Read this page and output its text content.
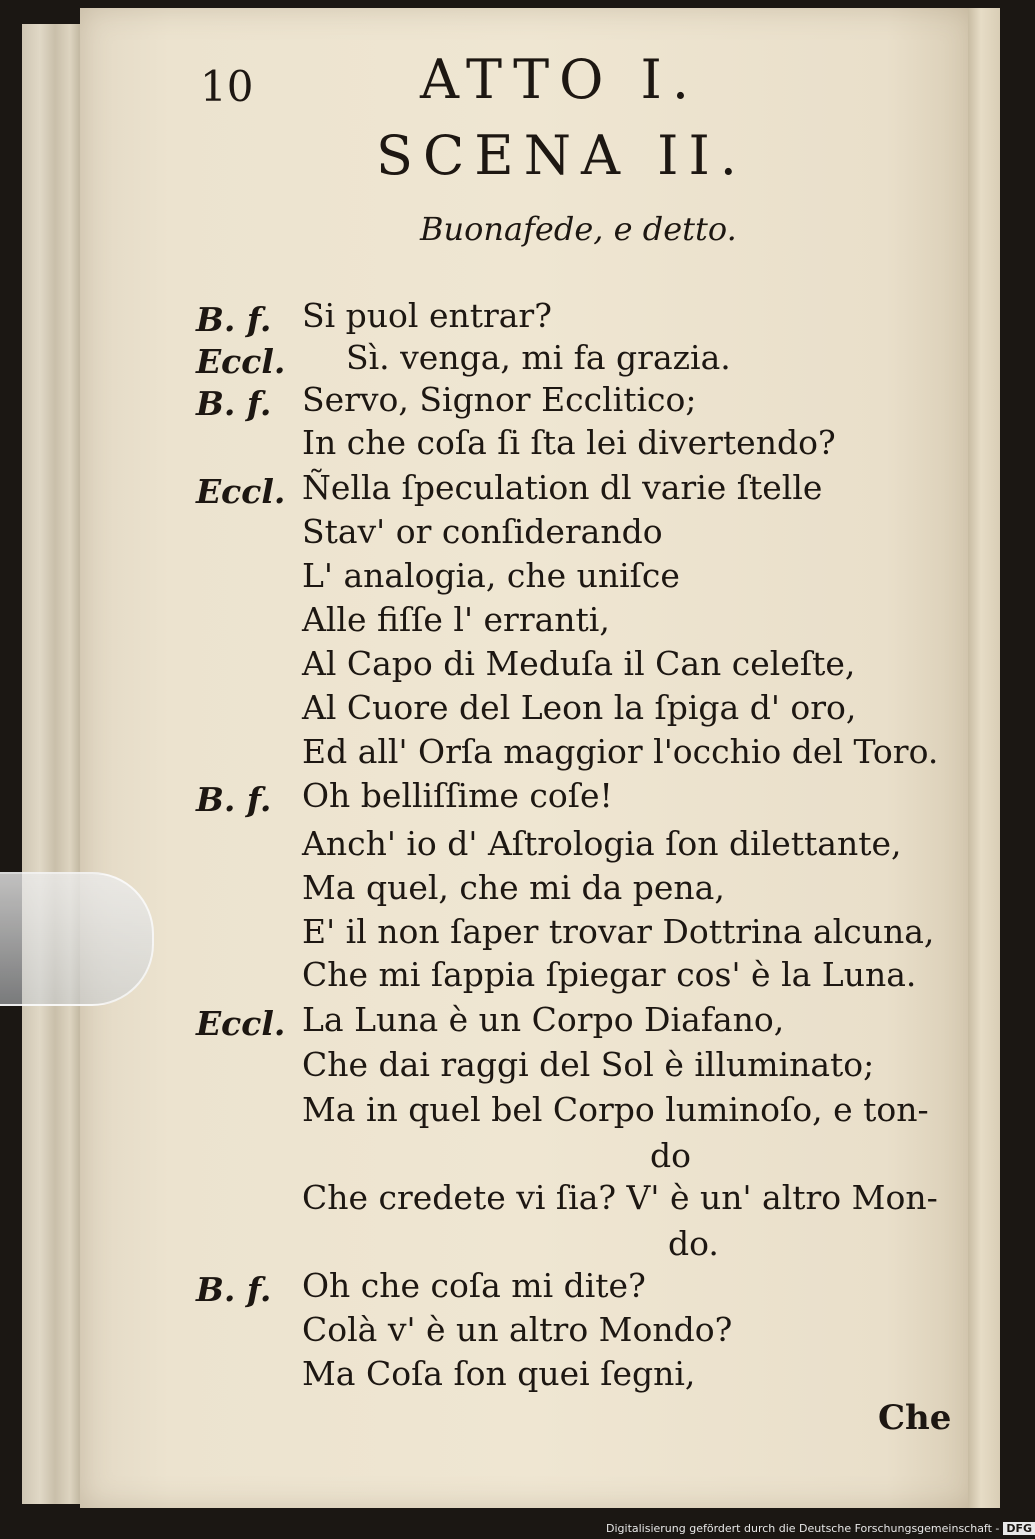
10	ATTO I.
SCENA II.
Buonafede, e detto.
B. f. Si puol entrar?
Eccl. Sì. venga, mi fa grazia.
B. f. Servo, Signor Ecclitico;
In che coſa ſi ſta lei divertendo?
Eccl. Ñella ſpeculation dl varie ſtelle
Stav' or conſiderando
L' analogia, che uniſce
Alle fiſſe l' erranti,
Al Capo di Meduſa il Can celeſte,
Al Cuore del Leon la ſpiga d' oro,
Ed all' Orſa maggior l'occhio del Toro.
B. f. Oh belliſſime coſe!
Anch' io d' Aſtrologia ſon dilettante,
Ma quel, che mi da pena,
E' il non ſaper trovar Dottrina alcuna,
Che mi ſappia ſpiegar cos' è la Luna.
Eccl. La Luna è un Corpo Diafano,
Che dai raggi del Sol è illuminato;
Ma in quel bel Corpo luminoſo, e ton-
do
Che credete vi ſia? V' è un' altro Mon-
do.
B. f. Oh che coſa mi dite?
Colà v' è un altro Mondo?
Ma Coſa ſon quei ſegni,
Che
Digitalisierung gefördert durch die Deutsche Forschungsgemeinschaft - DFG
